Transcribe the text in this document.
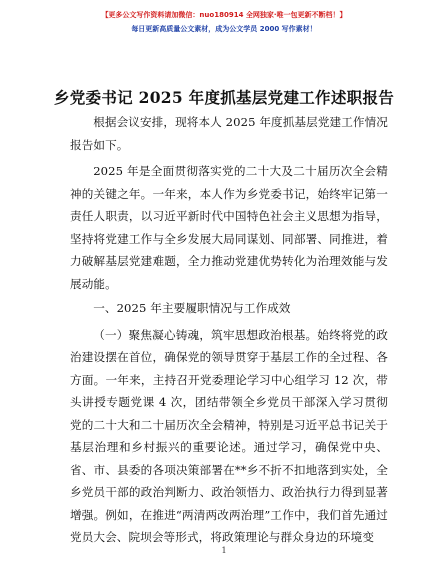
【更多公文写作资料请加微信：nuo180914 全网独家·唯一包更新不断档！】
每日更新高质量公文素材，成为公文学员 2000 写作素材！
乡党委书记 2025 年度抓基层党建工作述职报告

根据会议安排，现将本人 2025 年度抓基层党建工作情况报告如下。

2025 年是全面贯彻落实党的二十大及二十届历次全会精神的关键之年。一年来，本人作为乡党委书记，始终牢记第一责任人职责，以习近平新时代中国特色社会主义思想为指导，坚持将党建工作与全乡发展大局同谋划、同部署、同推进，着力破解基层党建难题，全力推动党建优势转化为治理效能与发展动能。

一、2025 年主要履职情况与工作成效

（一）聚焦凝心铸魂，筑牢思想政治根基。始终将党的政治建设摆在首位，确保党的领导贯穿于基层工作的全过程、各方面。一年来，主持召开党委理论学习中心组学习 12 次，带头讲授专题党课 4 次，团结带领全乡党员干部深入学习贯彻党的二十大和二十届历次全会精神，特别是习近平总书记关于基层治理和乡村振兴的重要论述。通过学习，确保党中央、省、市、县委的各项决策部署在**乡不折不扣地落到实处，全乡党员干部的政治判断力、政治领悟力、政治执行力得到显著增强。例如，在推进“两清两改两治理”工作中，我们首先通过党员大会、院坝会等形式，将政策理论与群众身边的环境变

1
